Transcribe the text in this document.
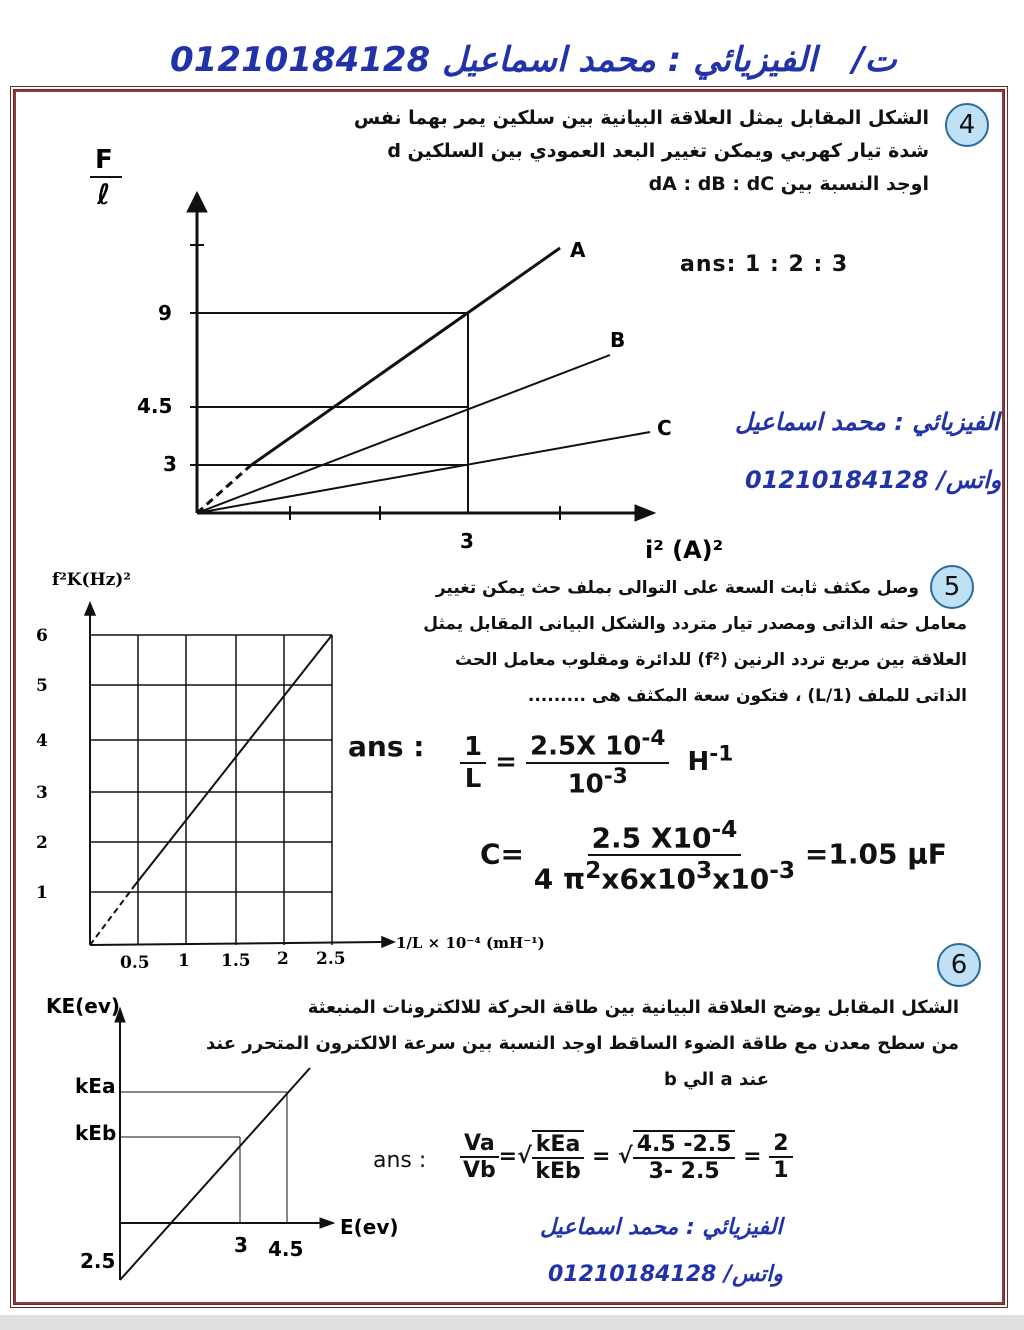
01210184128	ت/   الفيزيائي : محمد اسماعيل
4
الشكل المقابل يمثل العلاقة البيانية بين سلكين يمر بهما نفس
شدة تيار كهربي ويمكن تغيير البعد العمودي بين السلكين d
اوجد النسبة بين dA : dB : dC
ans: 1 : 2 : 3
الفيزيائي : محمد اسماعيل
واتس/ 01210184128
9
4.5
3
3
A
B
C
F
ℓ
i² (A)²
f²K(Hz)²
6
5
4
3
2
1
0.5 1 1.5 2 2.5
1/L × 10⁻⁴ (mH⁻¹)
KE(ev)
kEa
kEb
2.5
3 4.5
E(ev)
5
وصل مكثف ثابت السعة على التوالى بملف حث يمكن تغيير
معامل حثه الذاتى ومصدر تيار متردد والشكل البيانى المقابل يمثل
العلاقة بين مربع تردد الرنين (f²) للدائرة ومقلوب معامل الحث
الذاتى للملف (1/L) ، فتكون سعة المكثف هى .........
ans : $\frac{1}{L} = \frac{2.5X 10^{-4}}{10^{-3}} H^{-1}$
$C= \frac{2.5 X10^{-4}}{4 \pi^2x6x10^3x10^{-3}} =1.05$ μF
6
الشكل المقابل يوضح العلاقة البيانية بين طاقة الحركة للالكترونات المنبعثة
من سطح معدن مع طاقة الضوء الساقط اوجد النسبة بين سرعة الالكترون المتحرر عند
عند a الي b
ans : $\frac{Va}{Vb}$ =√ $\frac{\text{kEa}}{\text{kEb}}$ = √ $\frac{4.5 -2.5}{3- 2.5} = \frac{2}{1}$
الفيزيائي : محمد اسماعيل
واتس/ 01210184128
